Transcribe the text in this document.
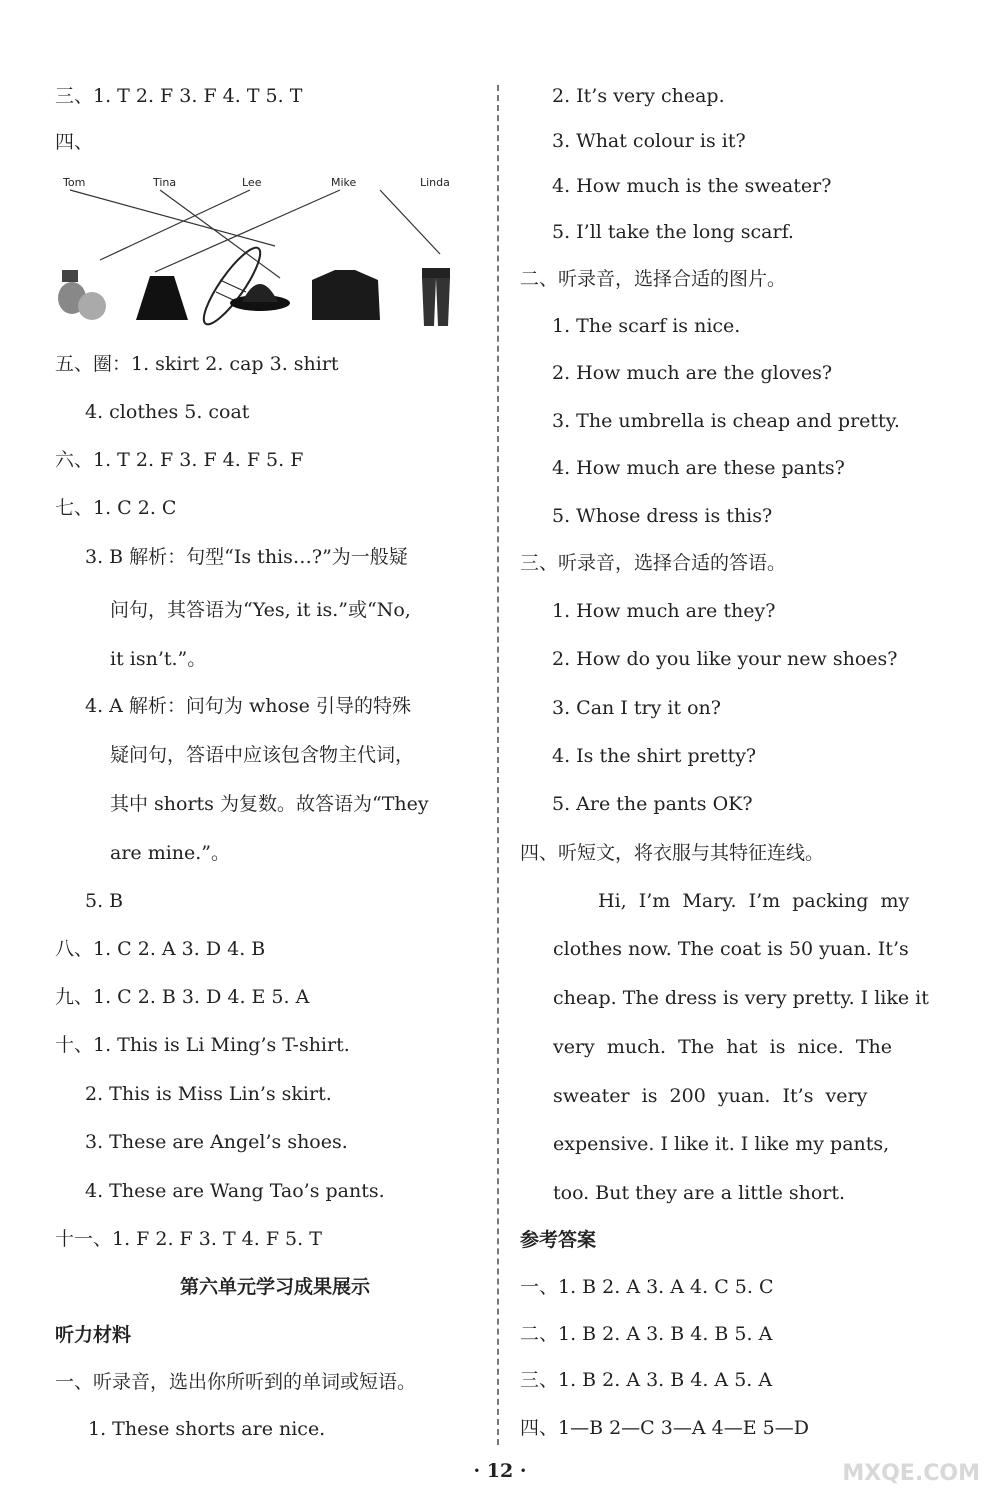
三、1. T 2. F 3. F 4. T 5. T
四、
Tom	Tina	Lee	Mike	Linda
五、圈：1. skirt 2. cap 3. shirt
4. clothes 5. coat
六、1. T 2. F 3. F 4. F 5. F
七、1. C 2. C
3. B 解析：句型“Is this…?”为一般疑
问句，其答语为“Yes, it is.”或“No,
it isn’t.”。
4. A 解析：问句为 whose 引导的特殊
疑问句，答语中应该包含物主代词，
其中 shorts 为复数。故答语为“They
are mine.”。
5. B
八、1. C 2. A 3. D 4. B
九、1. C 2. B 3. D 4. E 5. A
十、1. This is Li Ming’s T-shirt.
2. This is Miss Lin’s skirt.
3. These are Angel’s shoes.
4. These are Wang Tao’s pants.
十一、1. F 2. F 3. T 4. F 5. T
第六单元学习成果展示
听力材料
一、听录音，选出你所听到的单词或短语。
1. These shorts are nice.
2. It’s very cheap.
3. What colour is it?
4. How much is the sweater?
5. I’ll take the long scarf.
二、听录音，选择合适的图片。
1. The scarf is nice.
2. How much are the gloves?
3. The umbrella is cheap and pretty.
4. How much are these pants?
5. Whose dress is this?
三、听录音，选择合适的答语。
1. How much are they?
2. How do you like your new shoes?
3. Can I try it on?
4. Is the shirt pretty?
5. Are the pants OK?
四、听短文，将衣服与其特征连线。
Hi,  I’m  Mary.  I’m  packing  my
clothes now. The coat is 50 yuan. It’s
cheap. The dress is very pretty. I like it
very  much.  The  hat  is  nice.  The
sweater  is  200  yuan.  It’s  very
expensive. I like it. I like my pants,
too. But they are a little short.
参考答案
一、1. B 2. A 3. A 4. C 5. C
二、1. B 2. A 3. B 4. B 5. A
三、1. B 2. A 3. B 4. A 5. A
四、1—B 2—C 3—A 4—E 5—D
· 12 ·	MXQE.COM
